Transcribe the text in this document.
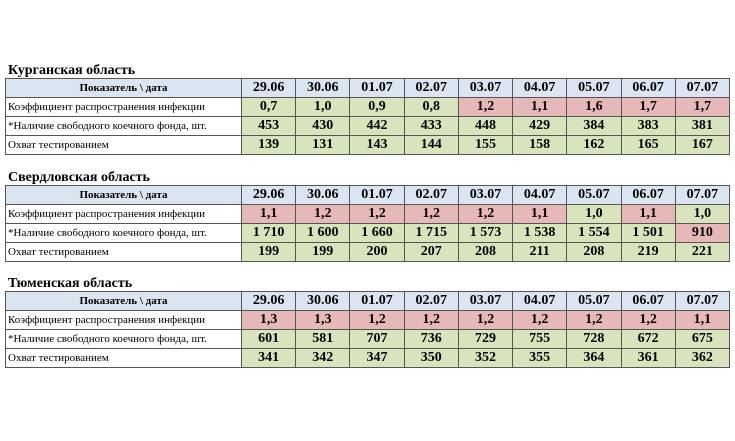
Курганская область
Показатель \ дата	29.06	30.06	01.07	02.07	03.07	04.07	05.07	06.07	07.07
Коэффициент распространения инфекции	0,7	1,0	0,9	0,8	1,2	1,1	1,6	1,7	1,7
*Наличие свободного коечного фонда, шт.	453	430	442	433	448	429	384	383	381
Охват тестированием	139	131	143	144	155	158	162	165	167
Свердловская область
Показатель \ дата	29.06	30.06	01.07	02.07	03.07	04.07	05.07	06.07	07.07
Коэффициент распространения инфекции	1,1	1,2	1,2	1,2	1,2	1,1	1,0	1,1	1,0
*Наличие свободного коечного фонда, шт.	1 710	1 600	1 660	1 715	1 573	1 538	1 554	1 501	910
Охват тестированием	199	199	200	207	208	211	208	219	221
Тюменская область
Показатель \ дата	29.06	30.06	01.07	02.07	03.07	04.07	05.07	06.07	07.07
Коэффициент распространения инфекции	1,3	1,3	1,2	1,2	1,2	1,2	1,2	1,2	1,1
*Наличие свободного коечного фонда, шт.	601	581	707	736	729	755	728	672	675
Охват тестированием	341	342	347	350	352	355	364	361	362
